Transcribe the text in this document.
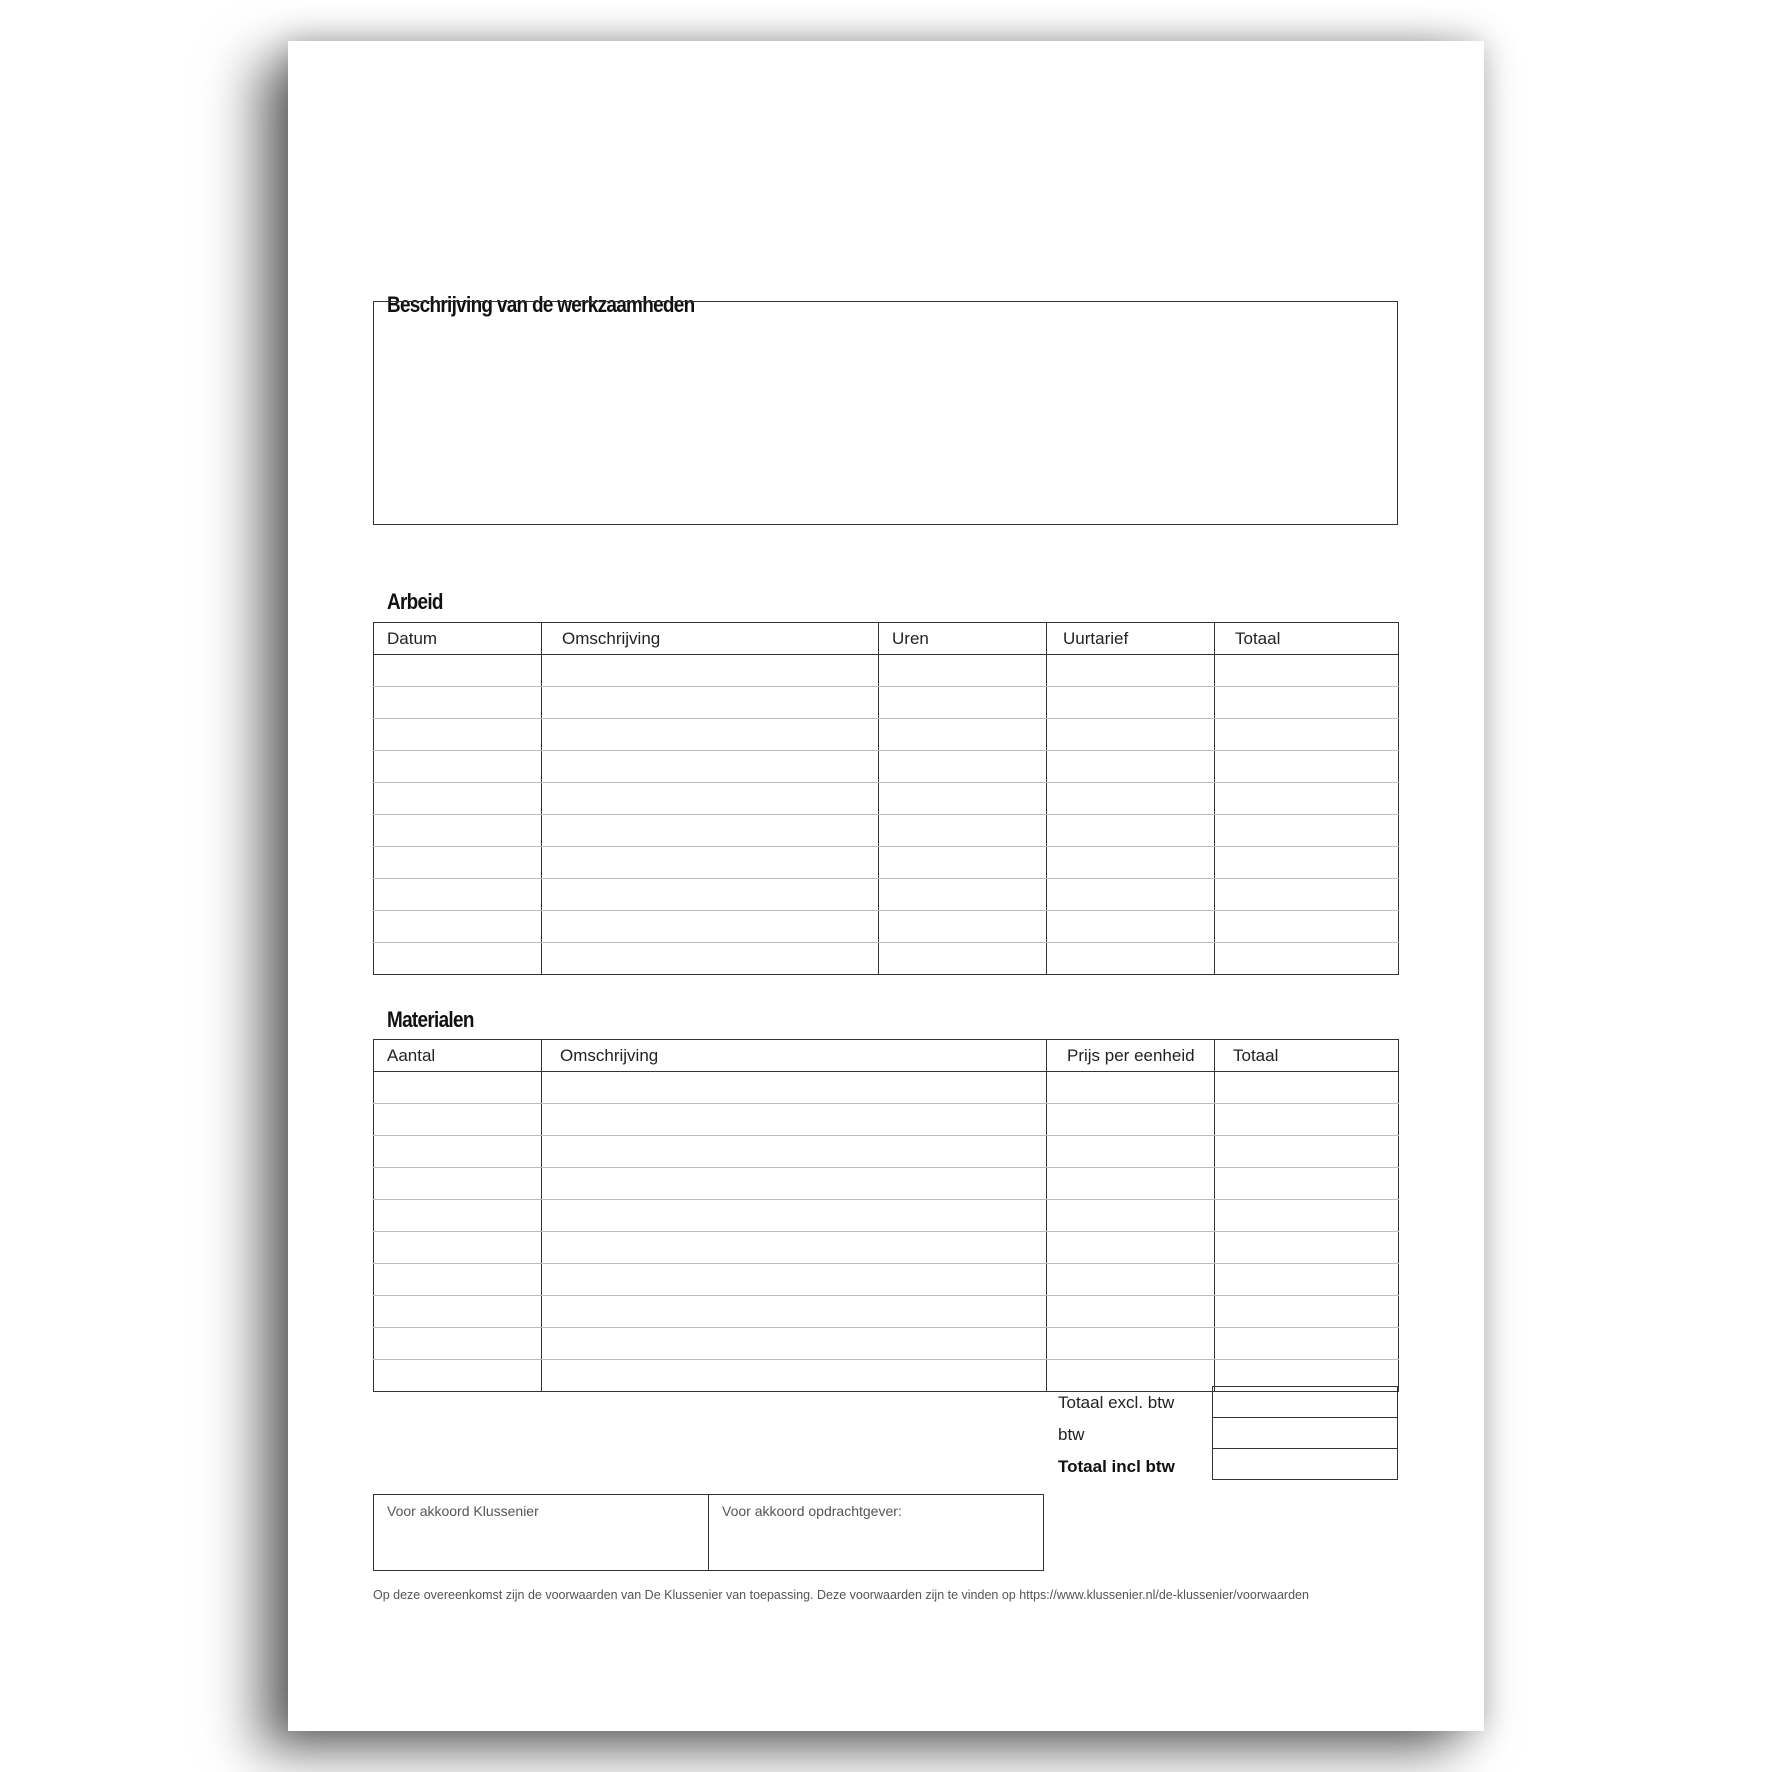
Beschrijving van de werkzaamheden
Arbeid
Datum	Omschrijving	Uren	Uurtarief	Totaal

Materialen
Aantal	Omschrijving	Prijs per eenheid	Totaal

Totaal excl. btw
btw
Totaal incl btw
Voor akkoord Klussenier	Voor akkoord opdrachtgever:
Op deze overeenkomst zijn de voorwaarden van De Klussenier van toepassing. Deze voorwaarden zijn te vinden op https://www.klussenier.nl/de-klussenier/voorwaarden
